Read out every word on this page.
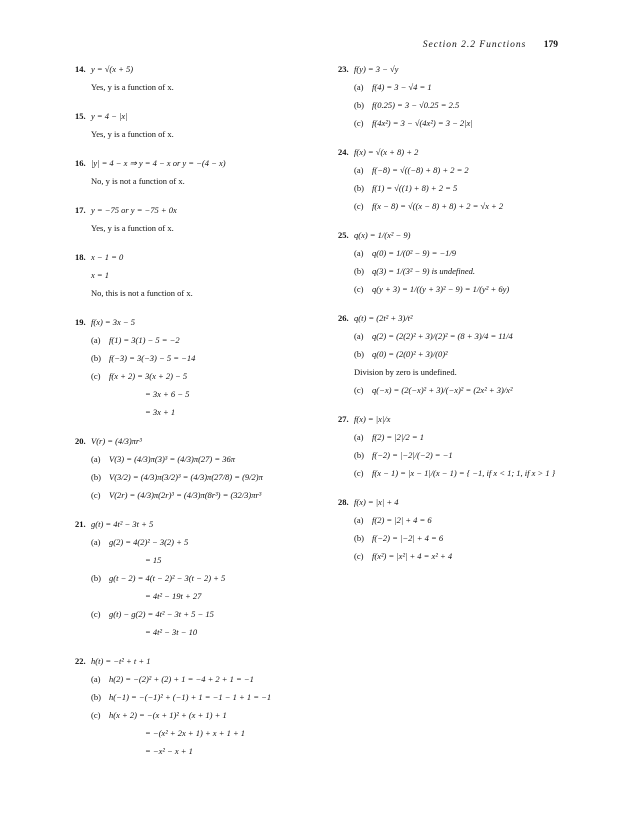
Section 2.2 Functions 179
14. y = √(x + 5)
Yes, y is a function of x.
15. y = 4 − |x|
Yes, y is a function of x.
16. |y| = 4 − x ⇒ y = 4 − x or y = −(4 − x)
No, y is not a function of x.
17. y = −75 or y = −75 + 0x
Yes, y is a function of x.
18. x − 1 = 0
x = 1
No, this is not a function of x.
19. f(x) = 3x − 5
(a)	f(1) = 3(1) − 5 = −2
(b) f(−3) = 3(−3) − 5 = −14
(c)	f(x + 2) = 3(x + 2) − 5
= 3x + 6 − 5
= 3x + 1
20. V(r) = (4/3)πr³
(a)	V(3) = (4/3)π(3)³ = (4/3)π(27) = 36π
(b) V(3/2) = (4/3)π(3/2)³ = (4/3)π(27/8) = (9/2)π
(c)	V(2r) = (4/3)π(2r)³ = (4/3)π(8r³) = (32/3)πr³
21. g(t) = 4t² − 3t + 5
(a)	g(2) = 4(2)² − 3(2) + 5
= 15
(b) g(t − 2) = 4(t − 2)² − 3(t − 2) + 5
= 4t² − 19t + 27
(c)	g(t) − g(2) = 4t² − 3t + 5 − 15
= 4t² − 3t − 10
22. h(t) = −t² + t + 1
(a)	h(2) = −(2)² + (2) + 1 = −4 + 2 + 1 = −1
(b) h(−1) = −(−1)² + (−1) + 1 = −1 − 1 + 1 = −1
(c)	h(x + 2) = −(x + 1)² + (x + 1) + 1
= −(x² + 2x + 1) + x + 1 + 1
= −x² − x + 1
23. f(y) = 3 − √y
(a)	f(4) = 3 − √4 = 1
(b) f(0.25) = 3 − √0.25 = 2.5
(c)	f(4x²) = 3 − √(4x²) = 3 − 2|x|
24. f(x) = √(x + 8) + 2
(a)	f(−8) = √((−8) + 8) + 2 = 2
(b) f(1) = √((1) + 8) + 2 = 5
(c)	f(x − 8) = √((x − 8) + 8) + 2 = √x + 2
25. q(x) = 1/(x² − 9)
(a)	q(0) = 1/(0² − 9) = −1/9
(b) q(3) = 1/(3² − 9) is undefined.
(c)	q(y + 3) = 1/((y + 3)² − 9) = 1/(y² + 6y)
26. q(t) = (2t² + 3)/t²
(a)	q(2) = (2(2)² + 3)/(2)² = (8 + 3)/4 = 11/4
(b) q(0) = (2(0)² + 3)/(0)²
Division by zero is undefined.
(c)	q(−x) = (2(−x)² + 3)/(−x)² = (2x² + 3)/x²
27. f(x) = |x|/x
(a)	f(2) = |2|/2 = 1
(b) f(−2) = |−2|/(−2) = −1
(c)	f(x − 1) = |x − 1|/(x − 1) = { −1, if x < 1; 1, if x > 1 }
28. f(x) = |x| + 4
(a)	f(2) = |2| + 4 = 6
(b) f(−2) = |−2| + 4 = 6
(c)	f(x²) = |x²| + 4 = x² + 4
